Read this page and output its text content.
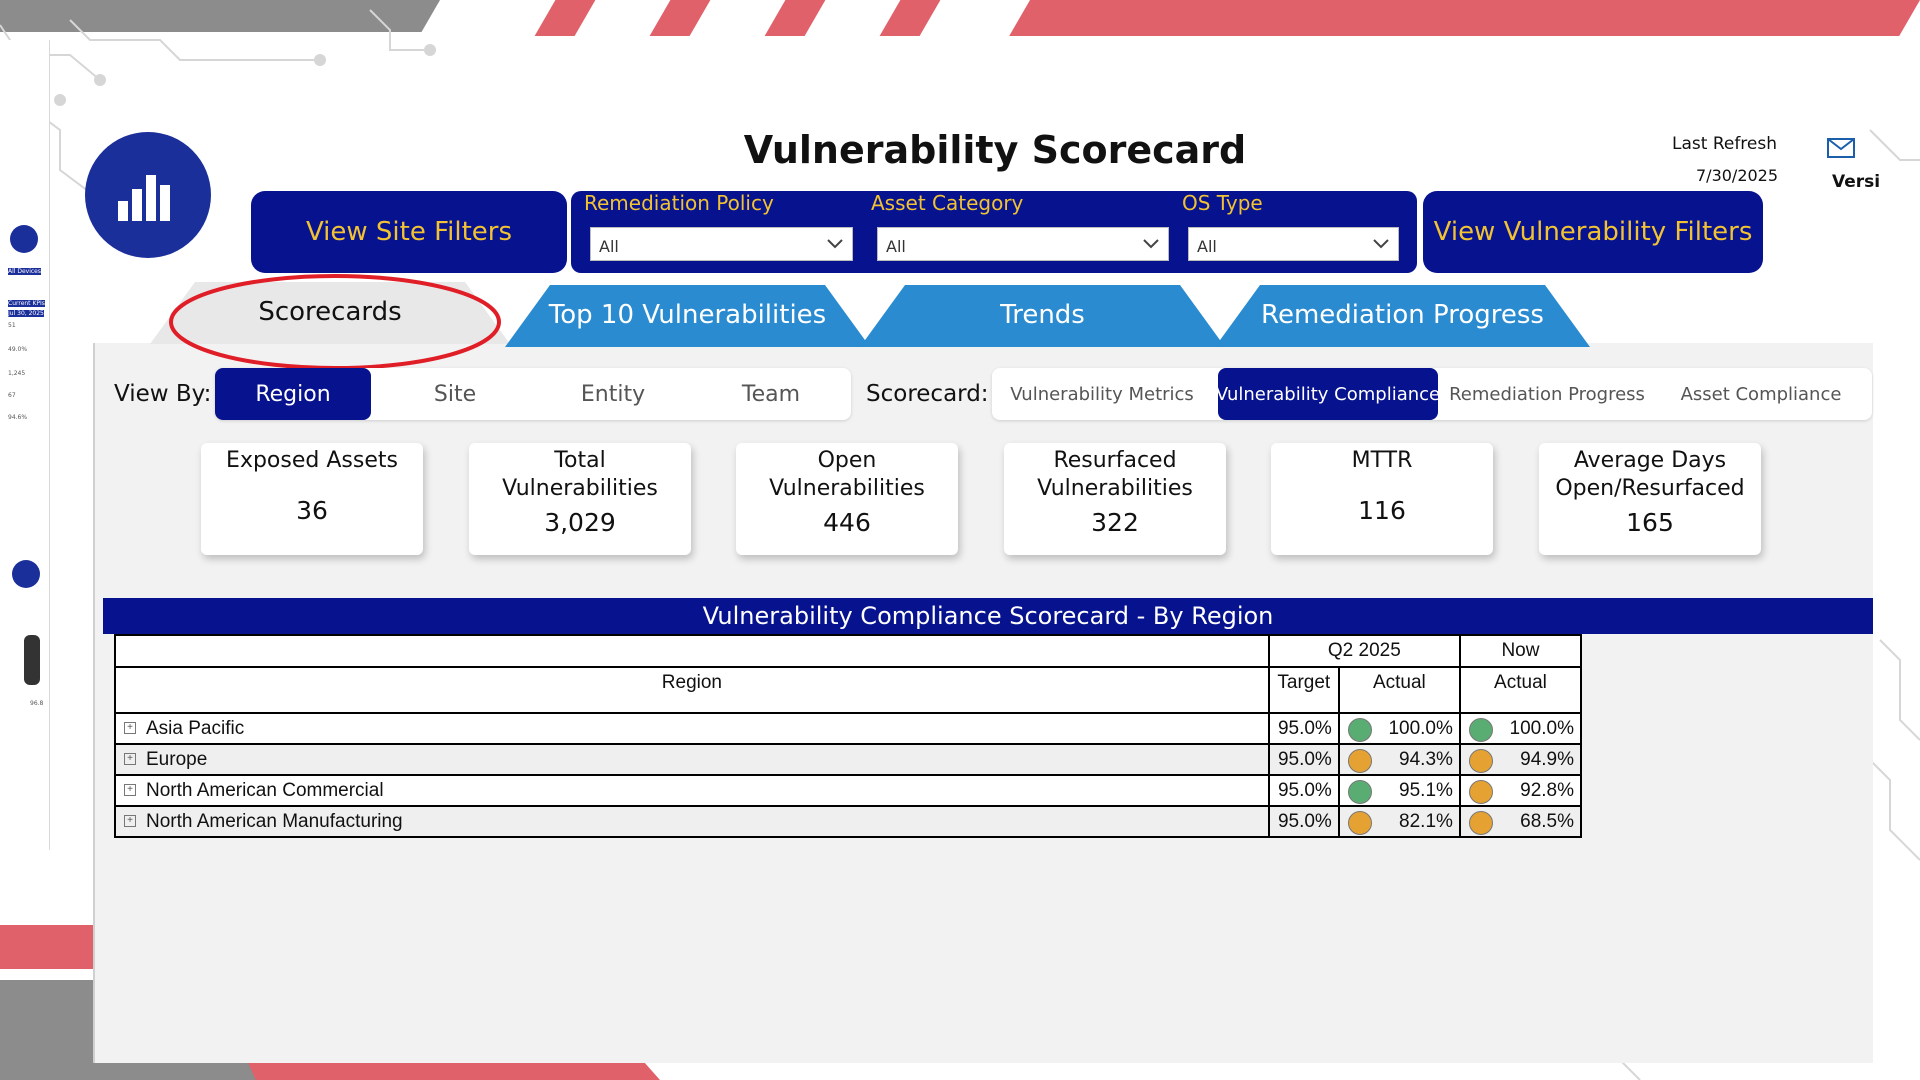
All Devices
Current KPIs
Jul 30, 2025
51
49.0%
1,245
67
94.6%
96.8
Vulnerability Scorecard	Last Refresh
7/30/2025	Versi
View Site Filters
Remediation Policy
All
Asset Category
All
OS Type
All	View Vulnerability Filters
Scorecards	Top 10 Vulnerabilities	Trends	Remediation Progress
View By:	Region	Site	Entity	Team	Scorecard:	Vulnerability Metrics	Vulnerability Compliance Remediation Progress	Asset Compliance
Exposed Assets
36
Total
Vulnerabilities
3,029
Open
Vulnerabilities
446
Resurfaced
Vulnerabilities
322
MTTR
116
Average Days
Open/Resurfaced
165
Vulnerability Compliance Scorecard - By Region
	Q2 2025		Now
Region	Target	Actual	Actual
+ Asia Pacific	95.0%	100.0%	100.0%
+ Europe	95.0%	94.3%	94.9%
+ North American Commercial	95.0%	95.1%	92.8%
+ North American Manufacturing	95.0%	82.1%	68.5%
